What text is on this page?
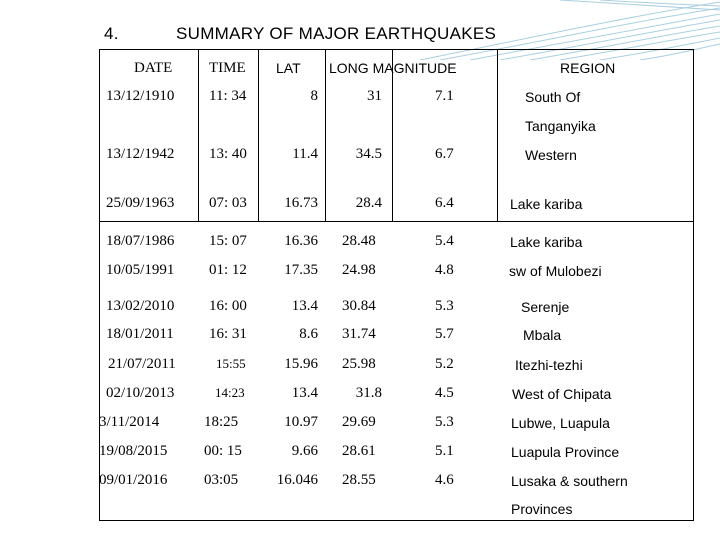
4.	SUMMARY OF MAJOR EARTHQUAKES
DATE TIME LAT LONG MAGNITUDE	REGION
13/12/1910 11: 34	8	31	7.1	South Of
Tanganyika
13/12/1942 13: 40	11.4	34.5	6.7	Western
25/09/1963 07: 03	16.73	28.4	6.4	Lake kariba
18/07/1986 15: 07	16.36 28.48	5.4	Lake kariba
10/05/1991 01: 12	17.35 24.98	4.8	sw of Mulobezi
13/02/2010 16: 00	13.4 30.84	5.3	Serenje
18/01/2011 16: 31	8.6 31.74	5.7	Mbala
21/07/2011	15:55	15.96 25.98	5.2	Itezhi-tezhi
02/10/2013	14:23	13.4	31.8	4.5	West of Chipata
3/11/2014	18:25	10.97 29.69	5.3	Lubwe, Luapula
19/08/2015 00: 15	9.66 28.61	5.1	Luapula Province
09/01/2016 03:05	16.046 28.55	4.6	Lusaka & southern
Provinces
